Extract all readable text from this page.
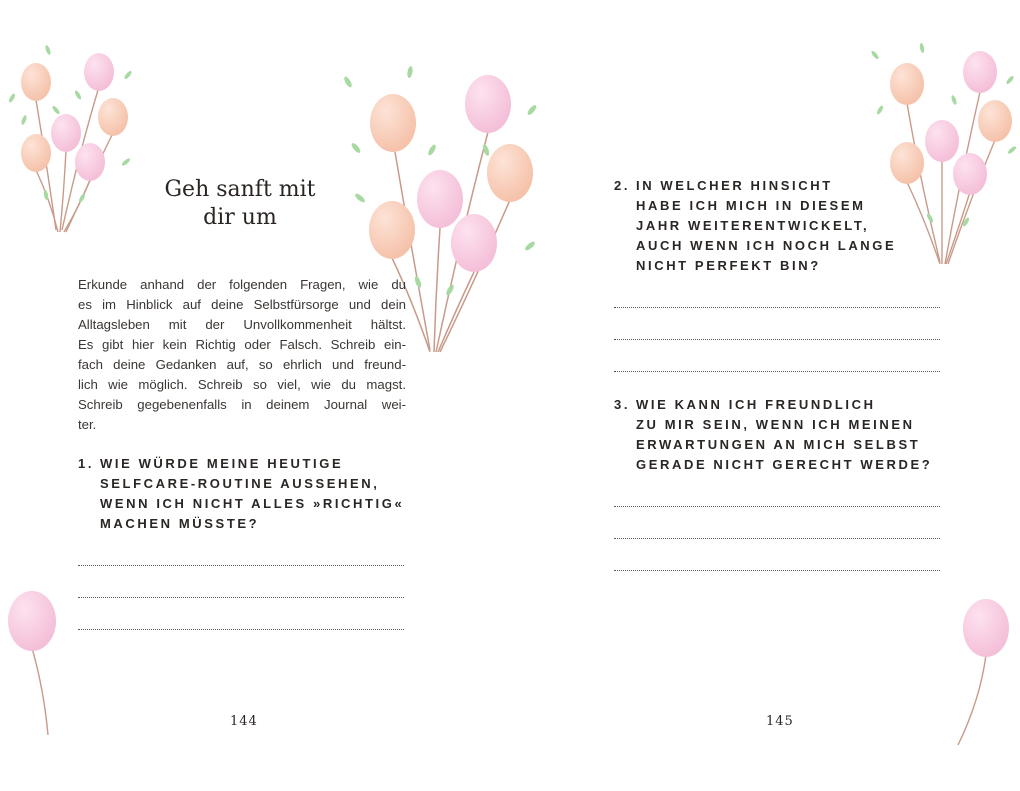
Geh sanft mit
dir um
Erkunde anhand der folgenden Fragen, wie du
es im Hinblick auf deine Selbstfürsorge und dein
Alltagsleben mit der Unvollkommenheit hältst.
Es gibt hier kein Richtig oder Falsch. Schreib ein-
fach deine Gedanken auf, so ehrlich und freund-
lich wie möglich. Schreib so viel, wie du magst.
Schreib gegebenenfalls in deinem Journal wei-
ter.
1. WIE WÜRDE MEINE HEUTIGE
SELFCARE-ROUTINE AUSSEHEN,
WENN ICH NICHT ALLES »RICHTIG«
MACHEN MÜSSTE?
144
2. IN WELCHER HINSICHT
HABE ICH MICH IN DIESEM
JAHR WEITERENTWICKELT,
AUCH WENN ICH NOCH LANGE
NICHT PERFEKT BIN?
3. WIE KANN ICH FREUNDLICH
ZU MIR SEIN, WENN ICH MEINEN
ERWARTUNGEN AN MICH SELBST
GERADE NICHT GERECHT WERDE?
145
